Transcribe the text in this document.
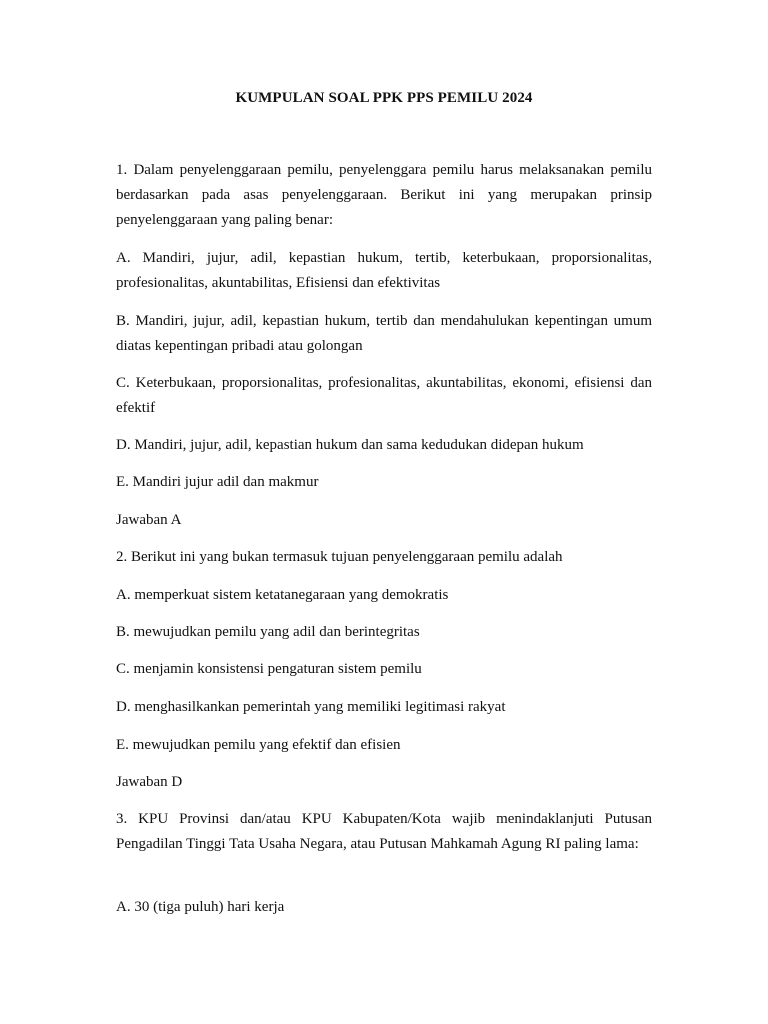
KUMPULAN SOAL PPK PPS PEMILU 2024

1. Dalam penyelenggaraan pemilu, penyelenggara pemilu harus melaksanakan pemilu berdasarkan pada asas penyelenggaraan. Berikut ini yang merupakan prinsip penyelenggaraan yang paling benar:

A. Mandiri, jujur, adil, kepastian hukum, tertib, keterbukaan, proporsionalitas, profesionalitas, akuntabilitas, Efisiensi dan efektivitas

B. Mandiri, jujur, adil, kepastian hukum, tertib dan mendahulukan kepentingan umum diatas kepentingan pribadi atau golongan

C. Keterbukaan, proporsionalitas, profesionalitas, akuntabilitas, ekonomi, efisiensi dan efektif

D. Mandiri, jujur, adil, kepastian hukum dan sama kedudukan didepan hukum

E. Mandiri jujur adil dan makmur

Jawaban A

2. Berikut ini yang bukan termasuk tujuan penyelenggaraan pemilu adalah

A. memperkuat sistem ketatanegaraan yang demokratis

B. mewujudkan pemilu yang adil dan berintegritas

C. menjamin konsistensi pengaturan sistem pemilu

D. menghasilkankan pemerintah yang memiliki legitimasi rakyat

E. mewujudkan pemilu yang efektif dan efisien

Jawaban D

3. KPU Provinsi dan/atau KPU Kabupaten/Kota wajib menindaklanjuti Putusan Pengadilan Tinggi Tata Usaha Negara, atau Putusan Mahkamah Agung RI paling lama:

A. 30 (tiga puluh) hari kerja
